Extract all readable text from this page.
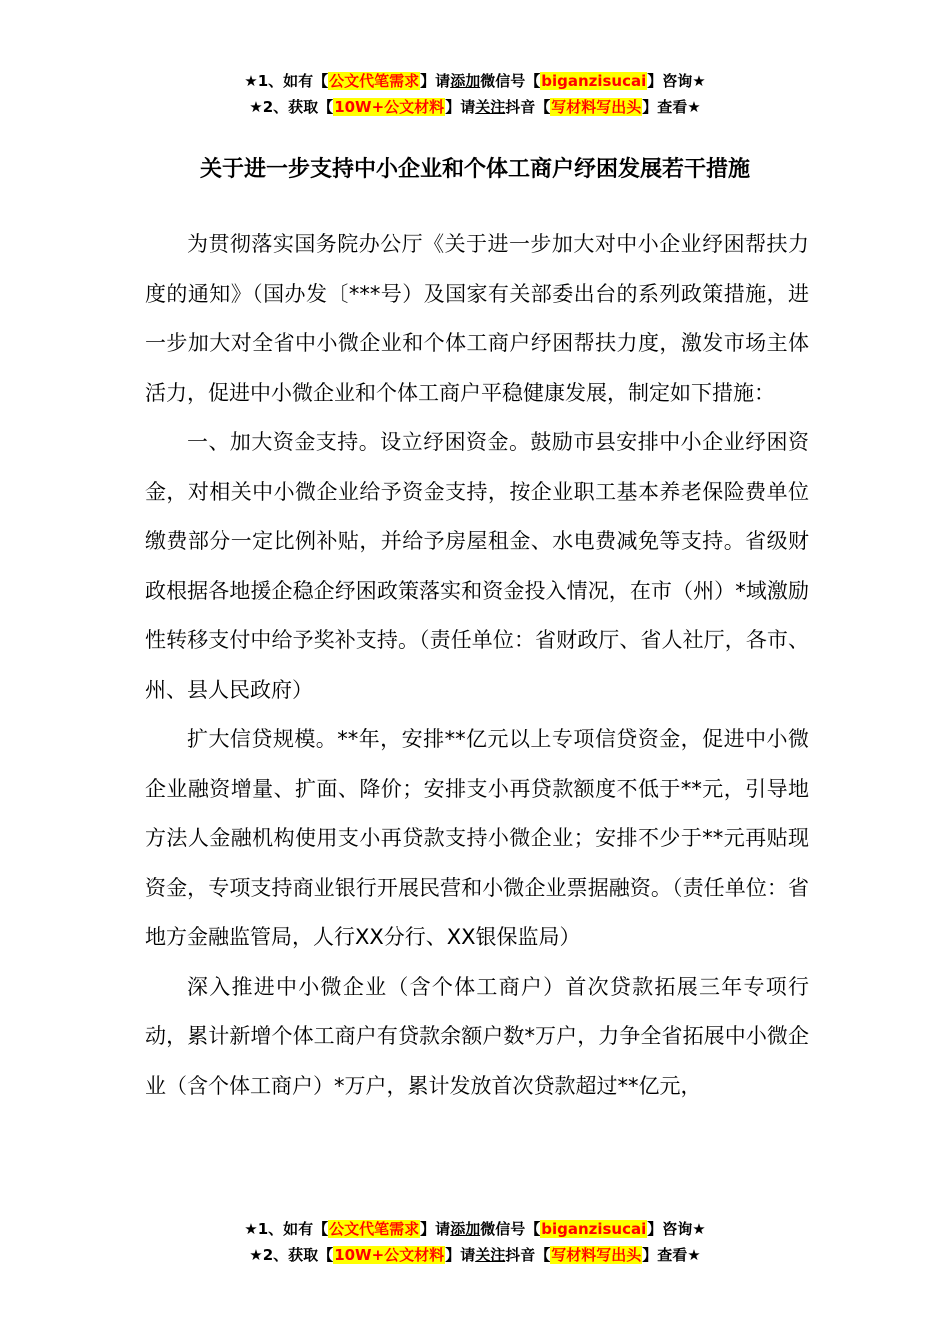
★1、如有【公文代笔需求】请添加微信号【biganzisucai】咨询★
★2、获取【10W+公文材料】请关注抖音【写材料写出头】查看★
关于进一步支持中小企业和个体工商户纾困发展若干措施

为贯彻落实国务院办公厅《关于进一步加大对中小企业纾困帮扶力度的通知》（国办发〔***号）及国家有关部委出台的系列政策措施，进一步加大对全省中小微企业和个体工商户纾困帮扶力度，激发市场主体活力，促进中小微企业和个体工商户平稳健康发展，制定如下措施：

一、加大资金支持。设立纾困资金。鼓励市县安排中小企业纾困资金，对相关中小微企业给予资金支持，按企业职工基本养老保险费单位缴费部分一定比例补贴，并给予房屋租金、水电费减免等支持。省级财政根据各地援企稳企纾困政策落实和资金投入情况，在市（州）*域激励性转移支付中给予奖补支持。（责任单位：省财政厅、省人社厅，各市、州、县人民政府）

扩大信贷规模。**年，安排**亿元以上专项信贷资金，促进中小微企业融资增量、扩面、降价；安排支小再贷款额度不低于**元，引导地方法人金融机构使用支小再贷款支持小微企业；安排不少于**元再贴现资金，专项支持商业银行开展民营和小微企业票据融资。（责任单位：省地方金融监管局，人行XX分行、XX银保监局）

深入推进中小微企业（含个体工商户）首次贷款拓展三年专项行动，累计新增个体工商户有贷款余额户数*万户，力争全省拓展中小微企业（含个体工商户）*万户，累计发放首次贷款超过**亿元，

★1、如有【公文代笔需求】请添加微信号【biganzisucai】咨询★
★2、获取【10W+公文材料】请关注抖音【写材料写出头】查看★
